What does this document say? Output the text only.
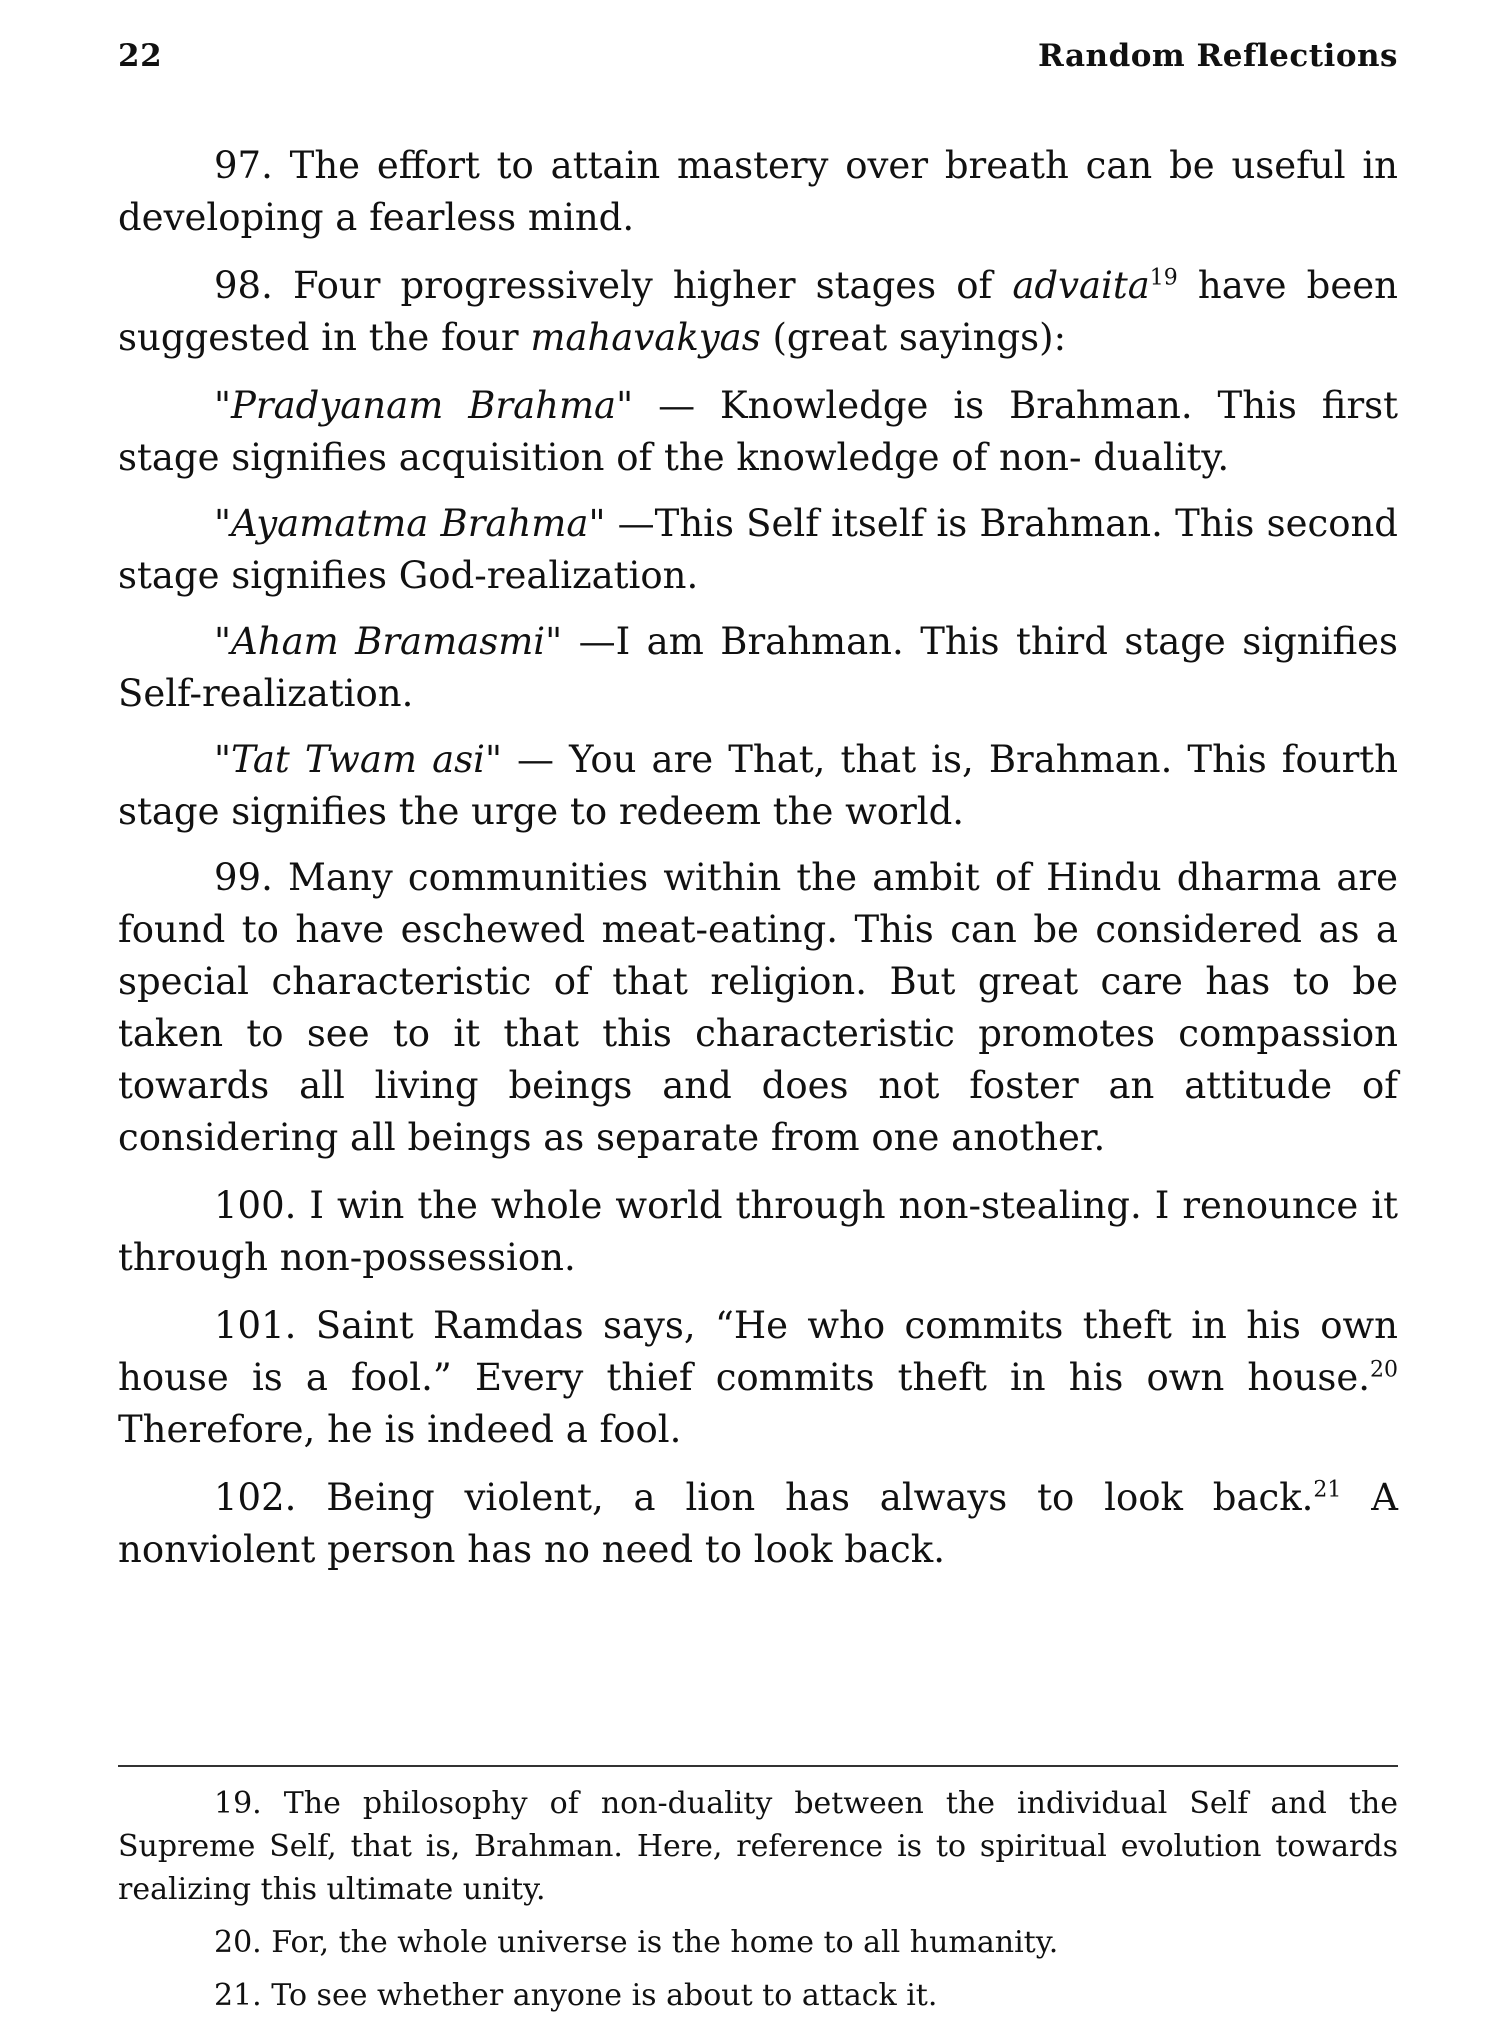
22	Random Reflections

97. The effort to attain mastery over breath can be useful in developing a fearless mind.

98. Four progressively higher stages of advaita$^{19}$ have been suggested in the four mahavakyas (great sayings):

"Pradyanam Brahma" — Knowledge is Brahman. This first stage signifies acquisition of the knowledge of non- duality.

"Ayamatma Brahma" —This Self itself is Brahman. This second stage signifies God-realization.

"Aham Bramasmi" —I am Brahman. This third stage signifies Self-realization.

"Tat Twam asi" — You are That, that is, Brahman. This fourth stage signifies the urge to redeem the world.

99. Many communities within the ambit of Hindu dharma are found to have eschewed meat-eating. This can be considered as a special characteristic of that religion. But great care has to be taken to see to it that this characteristic promotes compassion towards all living beings and does not foster an attitude of considering all beings as separate from one another.

100. I win the whole world through non-stealing. I renounce it through non-possession.

101. Saint Ramdas says, “He who commits theft in his own house is a fool.” Every thief commits theft in his own house.$^{20}$ Therefore, he is indeed a fool.

102. Being violent, a lion has always to look back.$^{21}$ A nonviolent person has no need to look back.

19. The philosophy of non-duality between the individual Self and the Supreme Self, that is, Brahman. Here, reference is to spiritual evolution towards realizing this ultimate unity.

20. For, the whole universe is the home to all humanity.

21. To see whether anyone is about to attack it.
